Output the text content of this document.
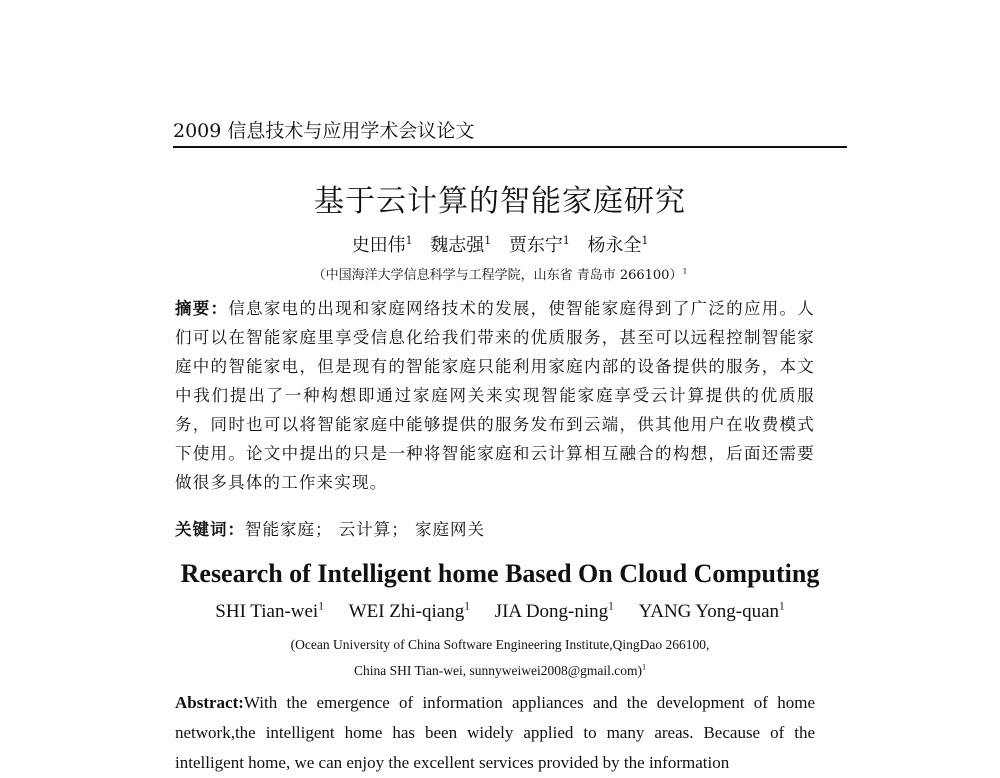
2009 信息技术与应用学术会议论文
基于云计算的智能家庭研究
史田伟$^1$ 魏志强$^1$ 贾东宁$^1$ 杨永全$^1$
（中国海洋大学信息科学与工程学院，山东省 青岛市 266100）$^1$
摘要：信息家电的出现和家庭网络技术的发展，使智能家庭得到了广泛的应用。人们可以在智能家庭里享受信息化给我们带来的优质服务，甚至可以远程控制智能家庭中的智能家电，但是现有的智能家庭只能利用家庭内部的设备提供的服务，本文中我们提出了一种构想即通过家庭网关来实现智能家庭享受云计算提供的优质服务，同时也可以将智能家庭中能够提供的服务发布到云端，供其他用户在收费模式下使用。论文中提出的只是一种将智能家庭和云计算相互融合的构想，后面还需要做很多具体的工作来实现。
关键词：智能家庭； 云计算； 家庭网关
Research of Intelligent home Based On Cloud Computing
SHI Tian-wei$^1$ WEI Zhi-qiang$^1$ JIA Dong-ning$^1$ YANG Yong-quan$^1$
(Ocean University of China Software Engineering Institute,QingDao 266100,
China SHI Tian-wei, sunnyweiwei2008@gmail.com)$^1$
Abstract:With the emergence of information appliances and the development of home network,the intelligent home has been widely applied to many areas. Because of the intelligent home, we can enjoy the excellent services provided by the information
